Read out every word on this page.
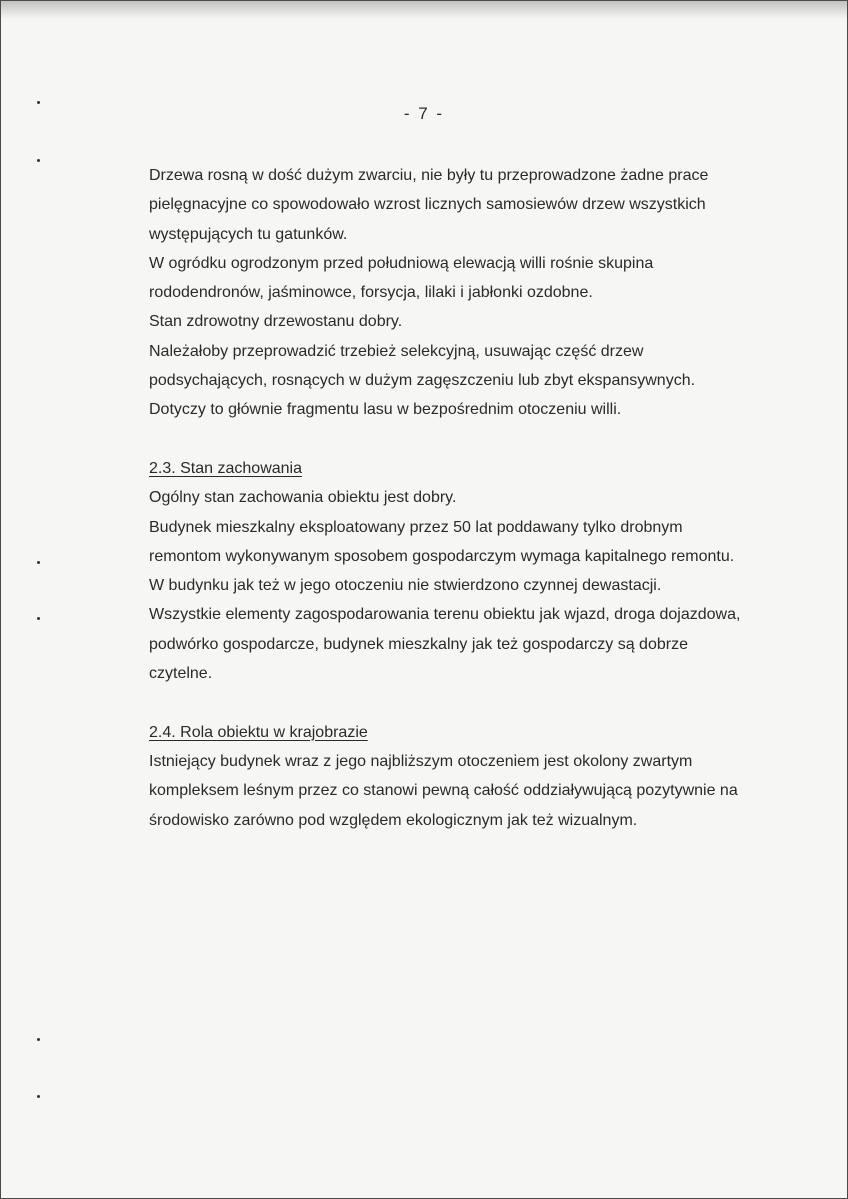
- 7 -

Drzewa rosną w dość dużym zwarciu, nie były tu przeprowadzone żadne prace

pielęgnacyjne co spowodowało wzrost licznych samosiewów drzew wszystkich

występujących tu gatunków.

W ogródku ogrodzonym przed południową elewacją willi rośnie skupina

rododendronów, jaśminowce, forsycja, lilaki i jabłonki ozdobne.

Stan zdrowotny drzewostanu dobry.

Należałoby przeprowadzić trzebież selekcyjną, usuwając część drzew

podsychających, rosnących w dużym zagęszczeniu lub zbyt ekspansywnych.

Dotyczy to głównie fragmentu lasu w bezpośrednim otoczeniu willi.

2.3. Stan zachowania

Ogólny stan zachowania obiektu jest dobry.

Budynek mieszkalny eksploatowany przez 50 lat poddawany tylko drobnym

remontom wykonywanym sposobem gospodarczym wymaga kapitalnego remontu.

W budynku jak też w jego otoczeniu nie stwierdzono czynnej dewastacji.

Wszystkie elementy zagospodarowania terenu obiektu jak wjazd, droga dojazdowa,

podwórko gospodarcze, budynek mieszkalny jak też gospodarczy są dobrze

czytelne.

2.4. Rola obiektu w krajobrazie

Istniejący budynek wraz z jego najbliższym otoczeniem jest okolony zwartym

kompleksem leśnym przez co stanowi pewną całość oddziaływującą pozytywnie na

środowisko zarówno pod względem ekologicznym jak też wizualnym.
